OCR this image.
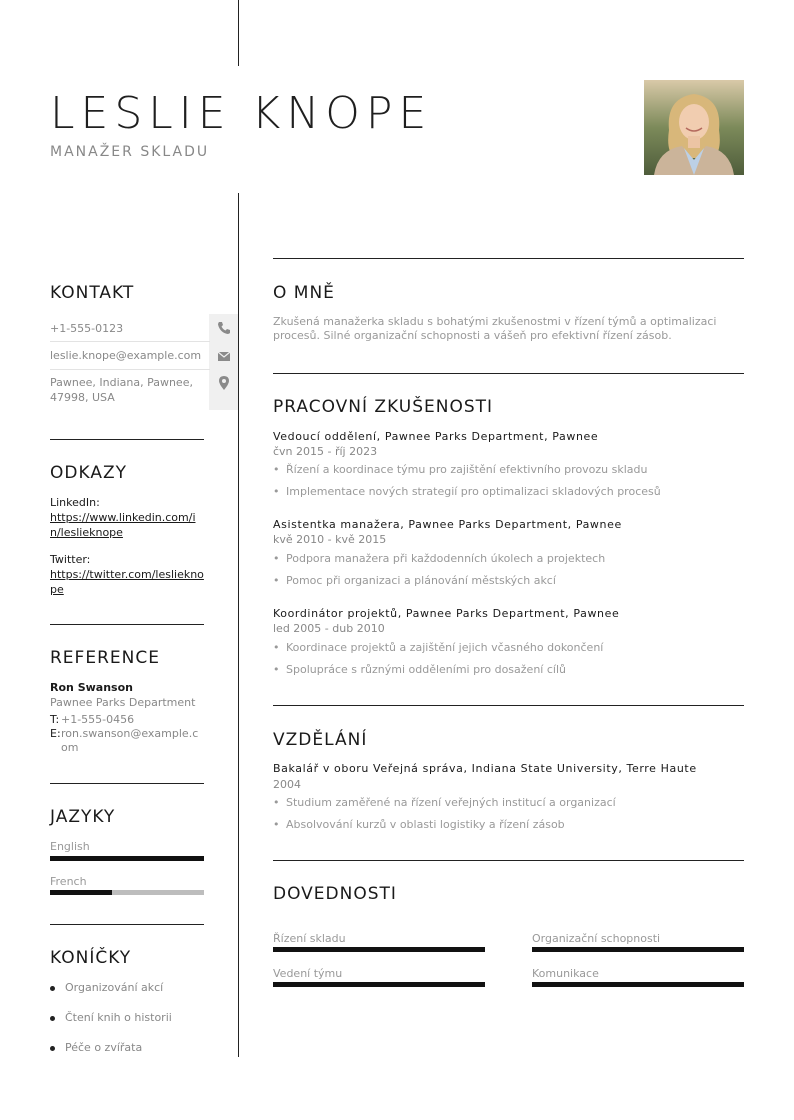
LESLIE KNOPE
MANAŽER SKLADU
KONTAKT
+1-555-0123
leslie.knope@example.com
Pawnee, Indiana, Pawnee, 47998, USA
ODKAZY
LinkedIn:
https://www.linkedin.com/in/leslieknope
Twitter:
https://twitter.com/leslieknope
REFERENCE
Ron Swanson
Pawnee Parks Department
T: +1-555-0456
E: ron.swanson@example.com
JAZYKY
English
French
KONÍČKY
Organizování akcí
Čtení knih o historii
Péče o zvířata
O MNĚ
Zkušená manažerka skladu s bohatými zkušenostmi v řízení týmů a optimalizaci procesů. Silné organizační schopnosti a vášeň pro efektivní řízení zásob.
PRACOVNÍ ZKUŠENOSTI
Vedoucí oddělení, Pawnee Parks Department, Pawnee
čvn 2015 - říj 2023
• Řízení a koordinace týmu pro zajištění efektivního provozu skladu
• Implementace nových strategií pro optimalizaci skladových procesů
Asistentka manažera, Pawnee Parks Department, Pawnee
kvě 2010 - kvě 2015
• Podpora manažera při každodenních úkolech a projektech
• Pomoc při organizaci a plánování městských akcí
Koordinátor projektů, Pawnee Parks Department, Pawnee
led 2005 - dub 2010
• Koordinace projektů a zajištění jejich včasného dokončení
• Spolupráce s různými odděleními pro dosažení cílů
VZDĚLÁNÍ
Bakalář v oboru Veřejná správa, Indiana State University, Terre Haute
2004
• Studium zaměřené na řízení veřejných institucí a organizací
• Absolvování kurzů v oblasti logistiky a řízení zásob
DOVEDNOSTI
Řízení skladu	Organizační schopnosti
Vedení týmu	Komunikace
